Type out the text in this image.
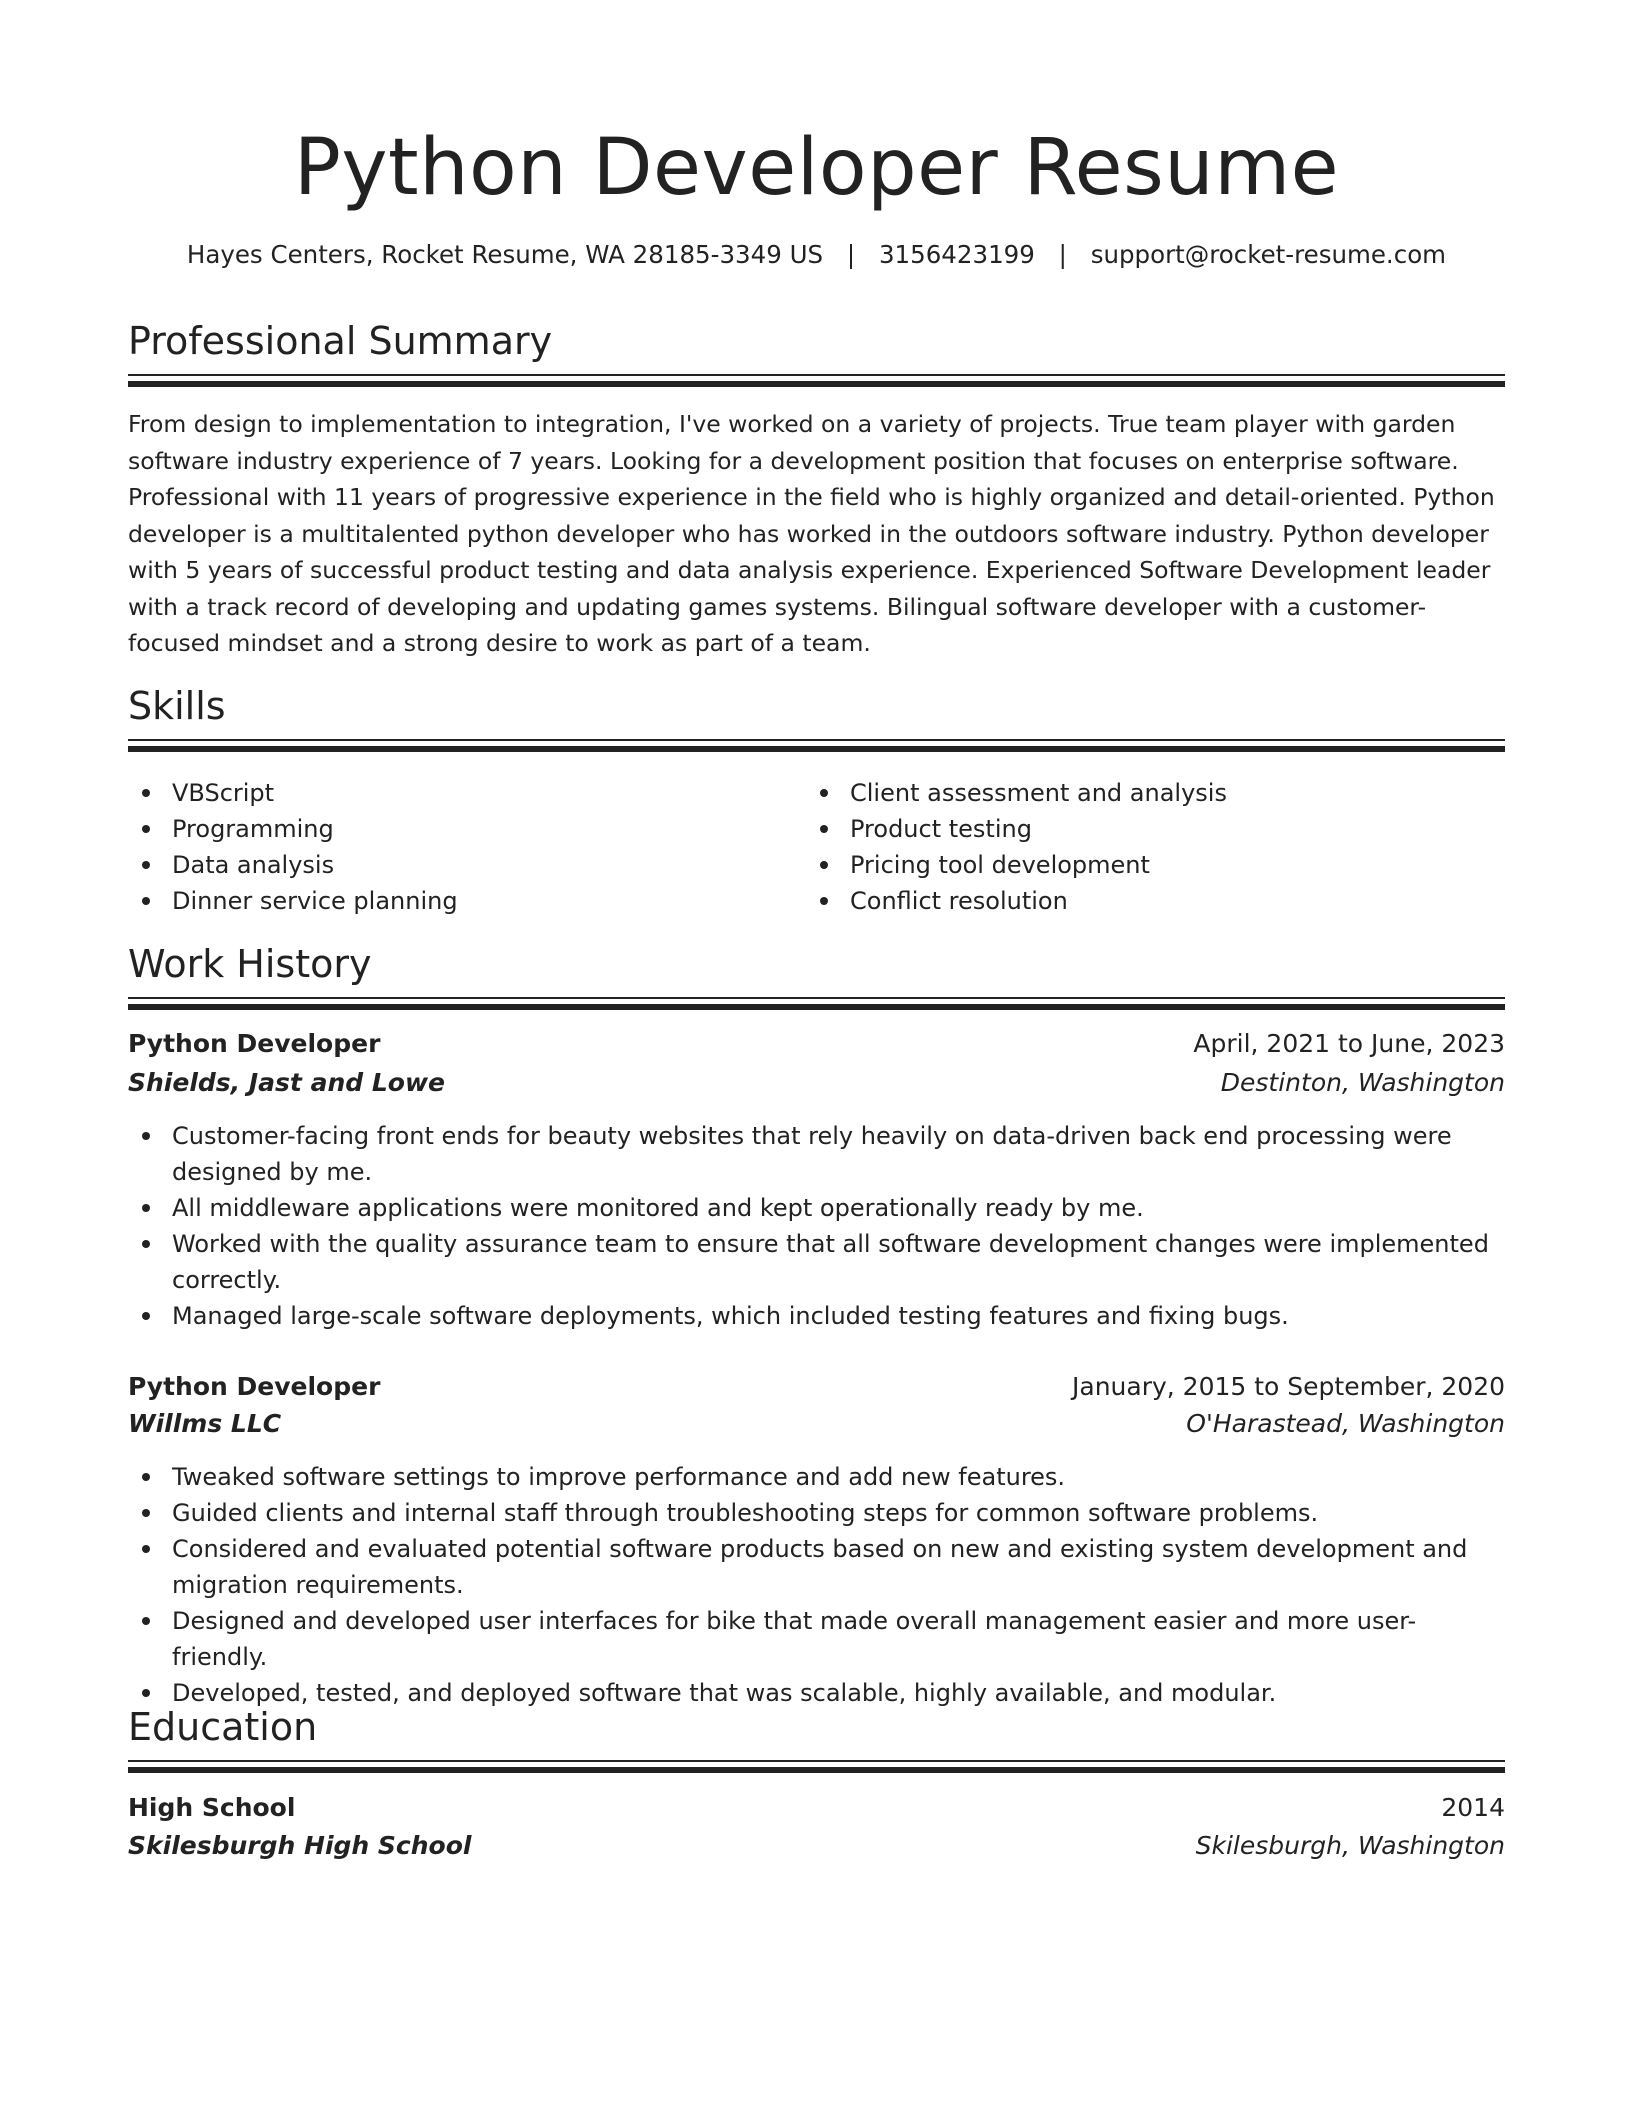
Python Developer Resume
Hayes Centers, Rocket Resume, WA 28185-3349 US | 3156423199 | support@rocket-resume.com
Professional Summary

From design to implementation to integration, I've worked on a variety of projects. True team player with garden software industry experience of 7 years. Looking for a development position that focuses on enterprise software. Professional with 11 years of progressive experience in the field who is highly organized and detail-oriented. Python developer is a multitalented python developer who has worked in the outdoors software industry. Python developer with 5 years of successful product testing and data analysis experience. Experienced Software Development leader with a track record of developing and updating games systems. Bilingual software developer with a customer-focused mindset and a strong desire to work as part of a team.

Skills
VBScript
Programming
Data analysis
Dinner service planning
Client assessment and analysis
Product testing
Pricing tool development
Conflict resolution
Work History
Python Developer	April, 2021 to June, 2023
Shields, Jast and Lowe	Destinton, Washington
Customer-facing front ends for beauty websites that rely heavily on data-driven back end processing were designed by me.
All middleware applications were monitored and kept operationally ready by me.
Worked with the quality assurance team to ensure that all software development changes were implemented correctly.
Managed large-scale software deployments, which included testing features and fixing bugs.
Python Developer	January, 2015 to September, 2020
Willms LLC	O'Harastead, Washington
Tweaked software settings to improve performance and add new features.
Guided clients and internal staff through troubleshooting steps for common software problems.
Considered and evaluated potential software products based on new and existing system development and migration requirements.
Designed and developed user interfaces for bike that made overall management easier and more user-friendly.
Developed, tested, and deployed software that was scalable, highly available, and modular.
Education
High School	2014
Skilesburgh High School	Skilesburgh, Washington
